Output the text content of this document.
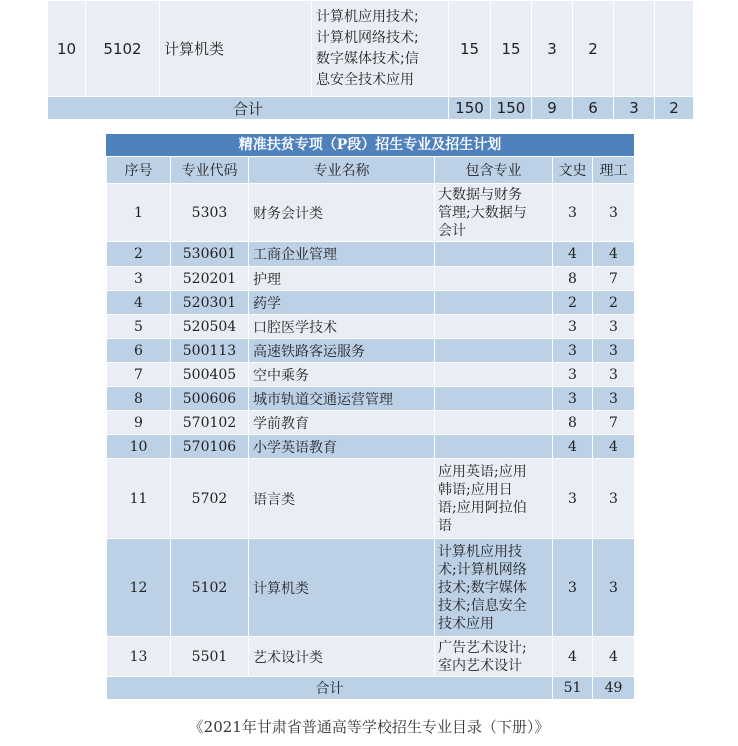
10	5102	计算机类	计算机应用技术;
计算机网络技术;
数字媒体技术;信
息安全技术应用	15	15	3	2		
合计				150	150	9	6	3	2
精准扶贫专项（P段）招生专业及招生计划
序号	专业代码	专业名称	包含专业	文史	理工
1	5303	财务会计类	大数据与财务
管理;大数据与
会计	3	3
2	530601	工商企业管理		4	4
3	520201	护理		8	7
4	520301	药学		2	2
5	520504	口腔医学技术		3	3
6	500113	高速铁路客运服务		3	3
7	500405	空中乘务		3	3
8	500606	城市轨道交通运营管理		3	3
9	570102	学前教育		8	7
10	570106	小学英语教育		4	4
11	5702	语言类	应用英语;应用
韩语;应用日
语;应用阿拉伯
语	3	3
12	5102	计算机类	计算机应用技
术;计算机网络
技术;数字媒体
技术;信息安全
技术应用	3	3
13	5501	艺术设计类	广告艺术设计;
室内艺术设计	4	4
合计				51	49
《2021年甘肃省普通高等学校招生专业目录（下册）》
